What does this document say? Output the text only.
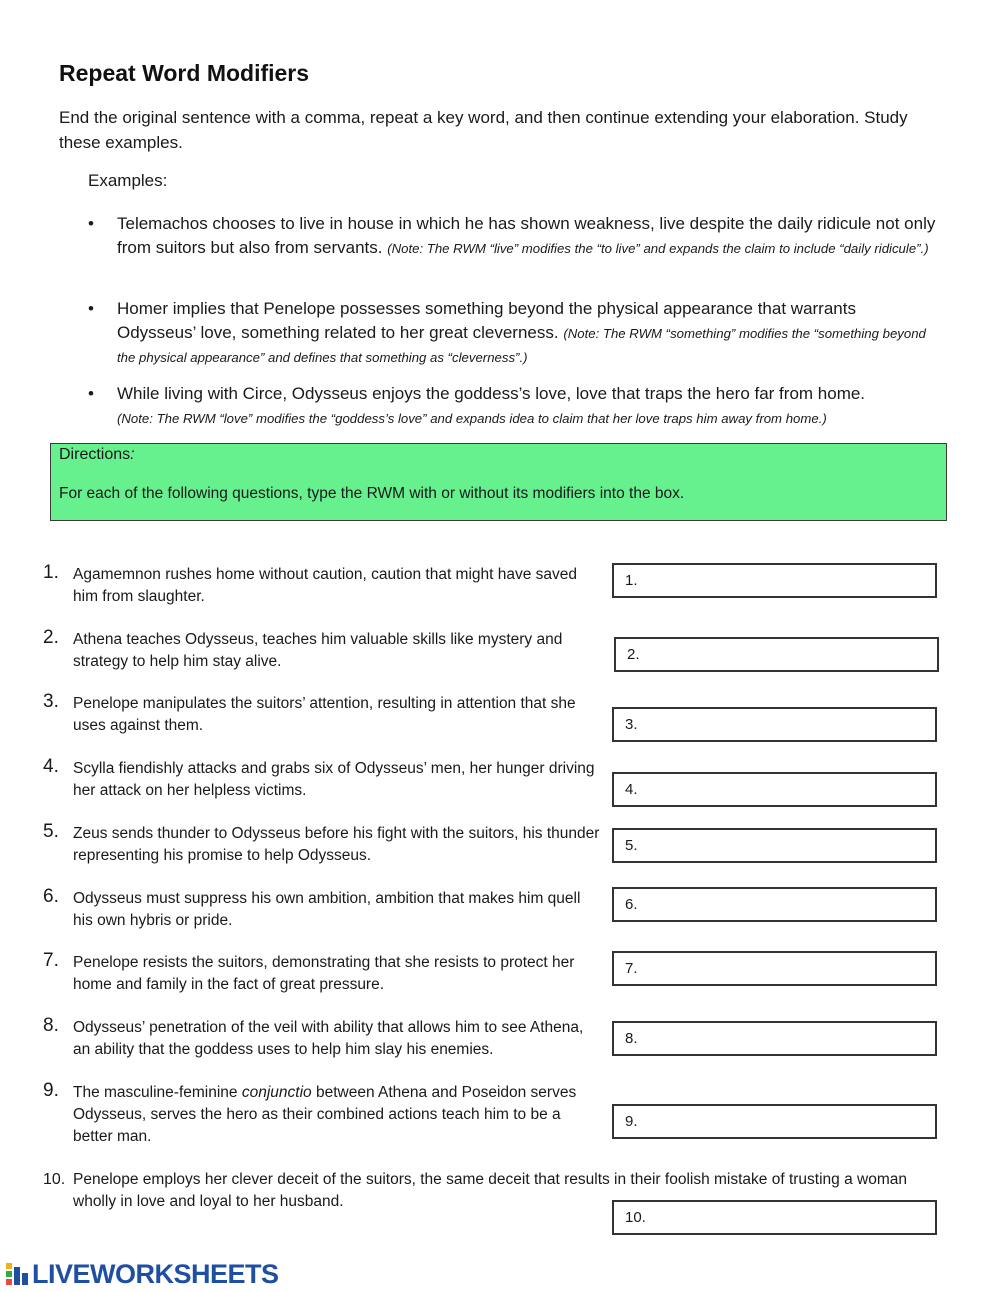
Repeat Word Modifiers
End the original sentence with a comma, repeat a key word, and then continue extending your elaboration. Study these examples.
Examples:
• Telemachos chooses to live in house in which he has shown weakness, live despite the daily ridicule not only from suitors but also from servants. (Note: The RWM “live” modifies the “to live” and expands the claim to include “daily ridicule”.)
• Homer implies that Penelope possesses something beyond the physical appearance that warrants Odysseus’ love, something related to her great cleverness. (Note: The RWM “something” modifies the “something beyond the physical appearance” and defines that something as “cleverness”.)
• While living with Circe, Odysseus enjoys the goddess’s love, love that traps the hero far from home.
(Note: The RWM “love” modifies the “goddess’s love” and expands idea to claim that her love traps him away from home.)
Directions:
For each of the following questions, type the RWM with or without its modifiers into the box.
1. Agamemnon rushes home without caution, caution that might have saved him from slaughter.
1.
2. Athena teaches Odysseus, teaches him valuable skills like mystery and strategy to help him stay alive.	2.
3. Penelope manipulates the suitors’ attention, resulting in attention that she uses against them.	3.
4. Scylla fiendishly attacks and grabs six of Odysseus’ men, her hunger driving her attack on her helpless victims.	4.
5. Zeus sends thunder to Odysseus before his fight with the suitors, his thunder representing his promise to help Odysseus.
5.
6. Odysseus must suppress his own ambition, ambition that makes him quell his own hybris or pride.
6.
7. Penelope resists the suitors, demonstrating that she resists to protect her home and family in the fact of great pressure.
7.
8. Odysseus’ penetration of the veil with ability that allows him to see Athena, an ability that the goddess uses to help him slay his enemies.
8.
9. The masculine-feminine conjunctio between Athena and Poseidon serves Odysseus, serves the hero as their combined actions teach him to be a better man.
9.
10. Penelope employs her clever deceit of the suitors, the same deceit that results in their foolish mistake of trusting a woman wholly in love and loyal to her husband.
10.
LIVEWORKSHEETS
